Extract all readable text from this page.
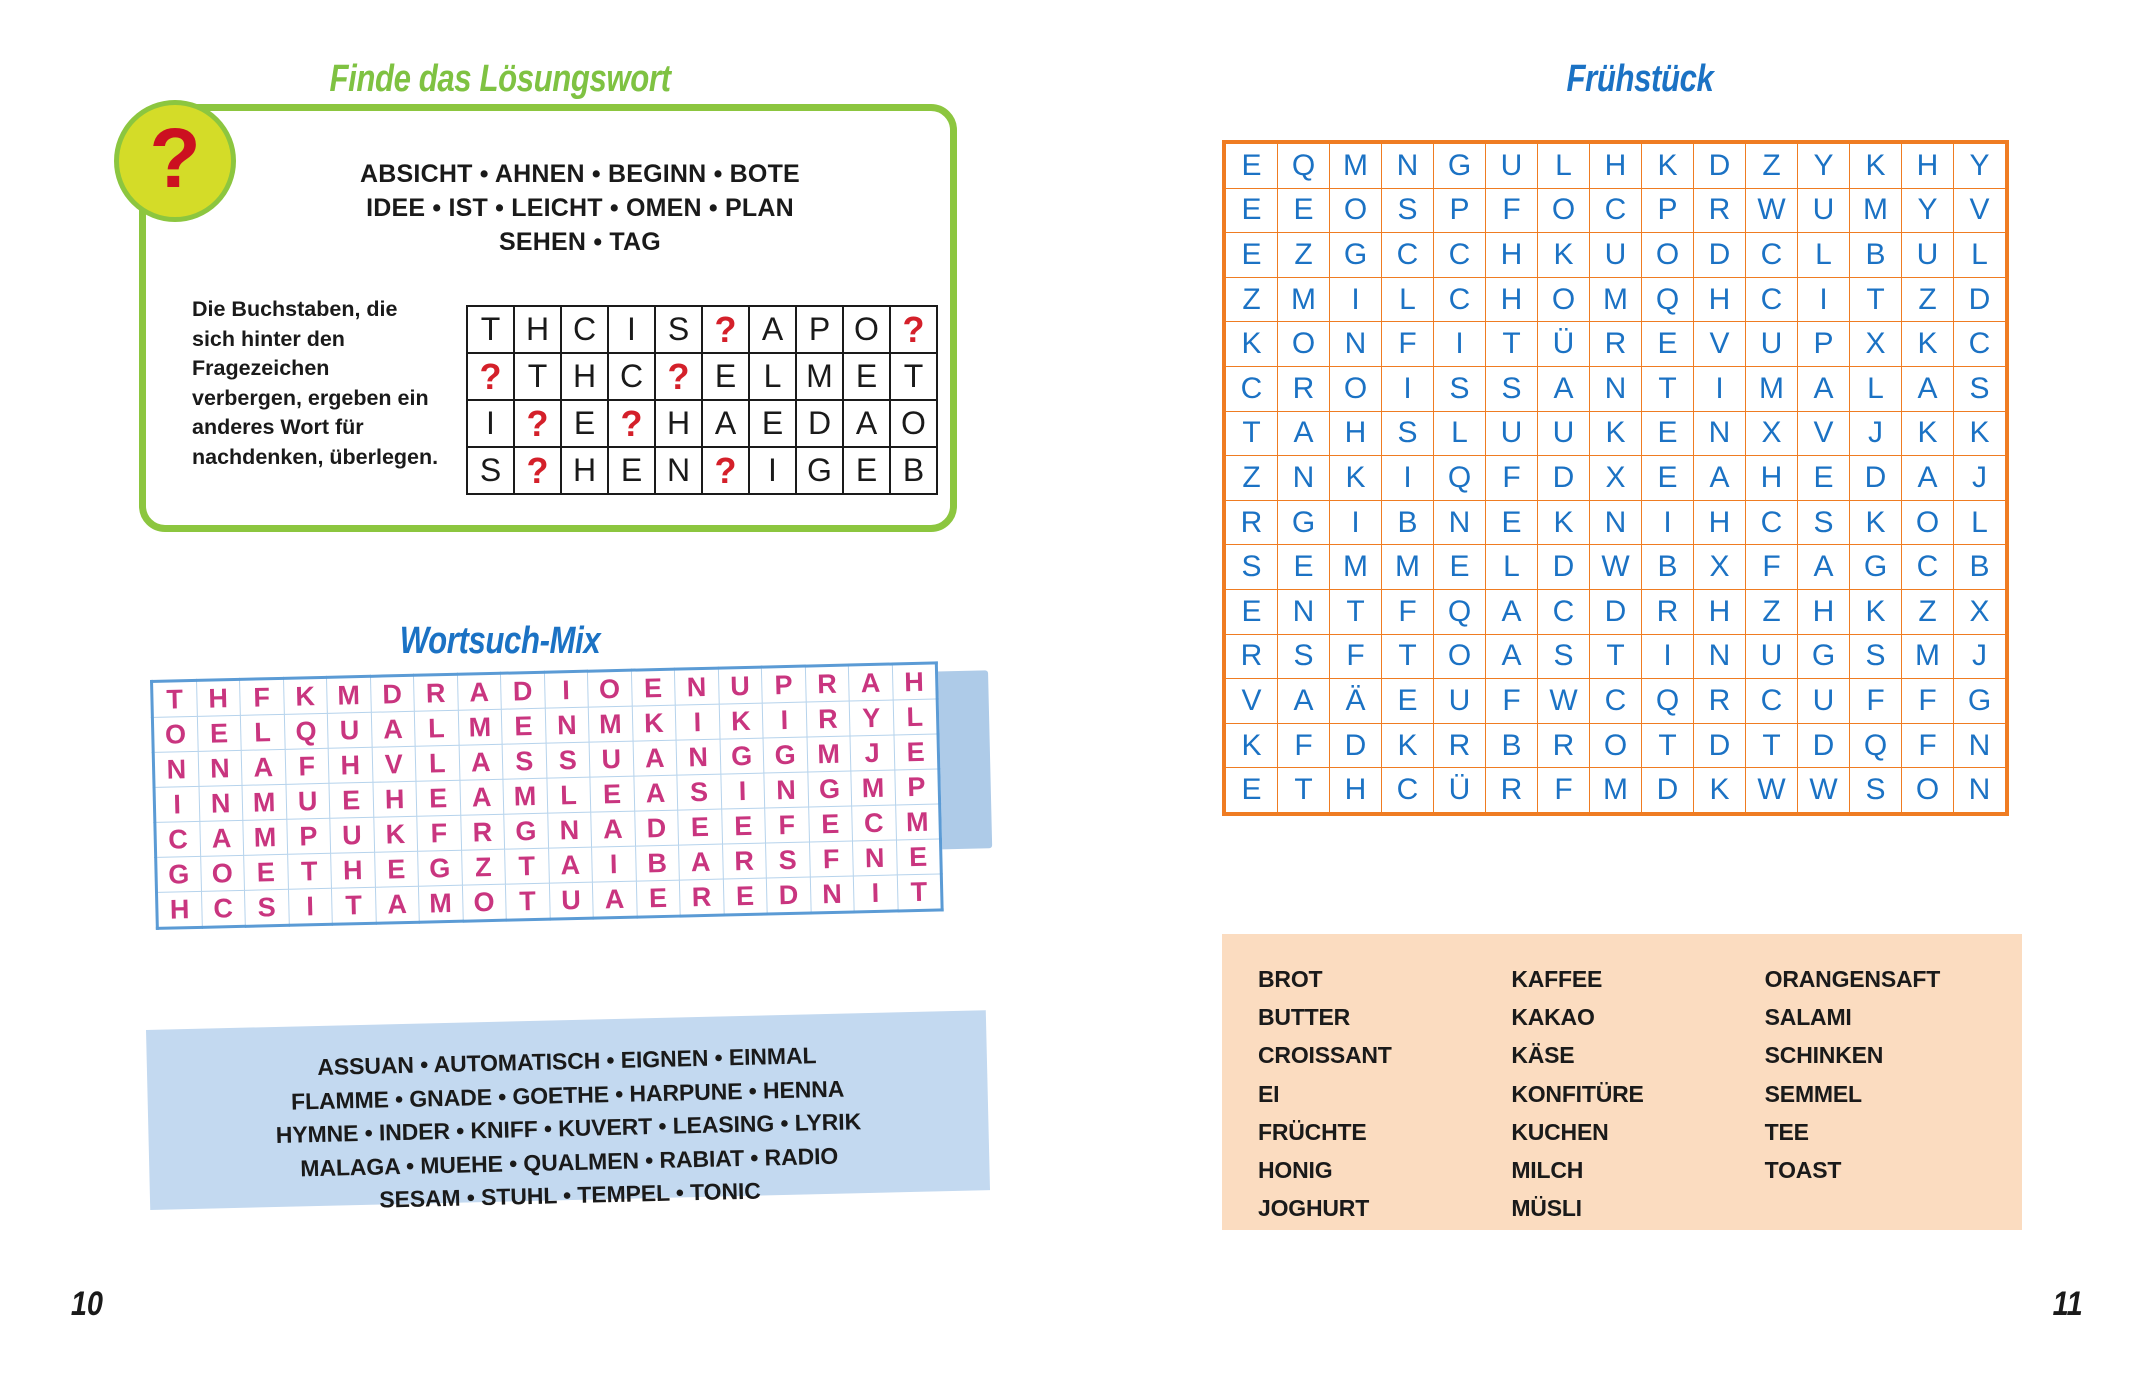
Finde das Lösungswort
?	ABSICHT • AHNEN • BEGINN • BOTE
IDEE • IST • LEICHT • OMEN • PLAN
SEHEN • TAG
Die Buchstaben, die sich hinter den Fragezeichen verbergen, ergeben ein anderes Wort für nachdenken, überlegen.
T	H	C	I	S	?	A	P	O	?
?	T	H	C	?	E	L	M	E	T
I	?	E	?	H	A	E	D	A	O
S	?	H	E	N	?	I	G	E	B
Wortsuch-Mix
T	H	F	K	M	D	R	A	D	I	O	E	N	U	P	R	A	H
O	E	L	Q	U	A	L	M	E	N	M	K	I	K	I	R	Y	L
N	N	A	F	H	V	L	A	S	S	U	A	N	G	G	M	J	E
I	N	M	U	E	H	E	A	M	L	E	A	S	I	N	G	M	P
C	A	M	P	U	K	F	R	G	N	A	D	E	E	F	E	C	M
G	O	E	T	H	E	G	Z	T	A	I	B	A	R	S	F	N	E
H	C	S	I	T	A	M	O	T	U	A	E	R	E	D	N	I	T
ASSUAN • AUTOMATISCH • EIGNEN • EINMAL
FLAMME • GNADE • GOETHE • HARPUNE • HENNA
HYMNE • INDER • KNIFF • KUVERT • LEASING • LYRIK
MALAGA • MUEHE • QUALMEN • RABIAT • RADIO
SESAM • STUHL • TEMPEL • TONIC
10
Frühstück
E	Q	M	N	G	U	L	H	K	D	Z	Y	K	H	Y
E	E	O	S	P	F	O	C	P	R	W	U	M	Y	V
E	Z	G	C	C	H	K	U	O	D	C	L	B	U	L
Z	M	I	L	C	H	O	M	Q	H	C	I	T	Z	D
K	O	N	F	I	T	Ü	R	E	V	U	P	X	K	C
C	R	O	I	S	S	A	N	T	I	M	A	L	A	S
T	A	H	S	L	U	U	K	E	N	X	V	J	K	K
Z	N	K	I	Q	F	D	X	E	A	H	E	D	A	J
R	G	I	B	N	E	K	N	I	H	C	S	K	O	L
S	E	M	M	E	L	D	W	B	X	F	A	G	C	B
E	N	T	F	Q	A	C	D	R	H	Z	H	K	Z	X
R	S	F	T	O	A	S	T	I	N	U	G	S	M	J
V	A	Ä	E	U	F	W	C	Q	R	C	U	F	F	G
K	F	D	K	R	B	R	O	T	D	T	D	Q	F	N
E	T	H	C	Ü	R	F	M	D	K	W	W	S	O	N
BROT
BUTTER
CROISSANT
EI
FRÜCHTE
HONIG
JOGHURT
KAFFEE
KAKAO
KÄSE
KONFITÜRE
KUCHEN
MILCH
MÜSLI
ORANGENSAFT
SALAMI
SCHINKEN
SEMMEL
TEE
TOAST
11
